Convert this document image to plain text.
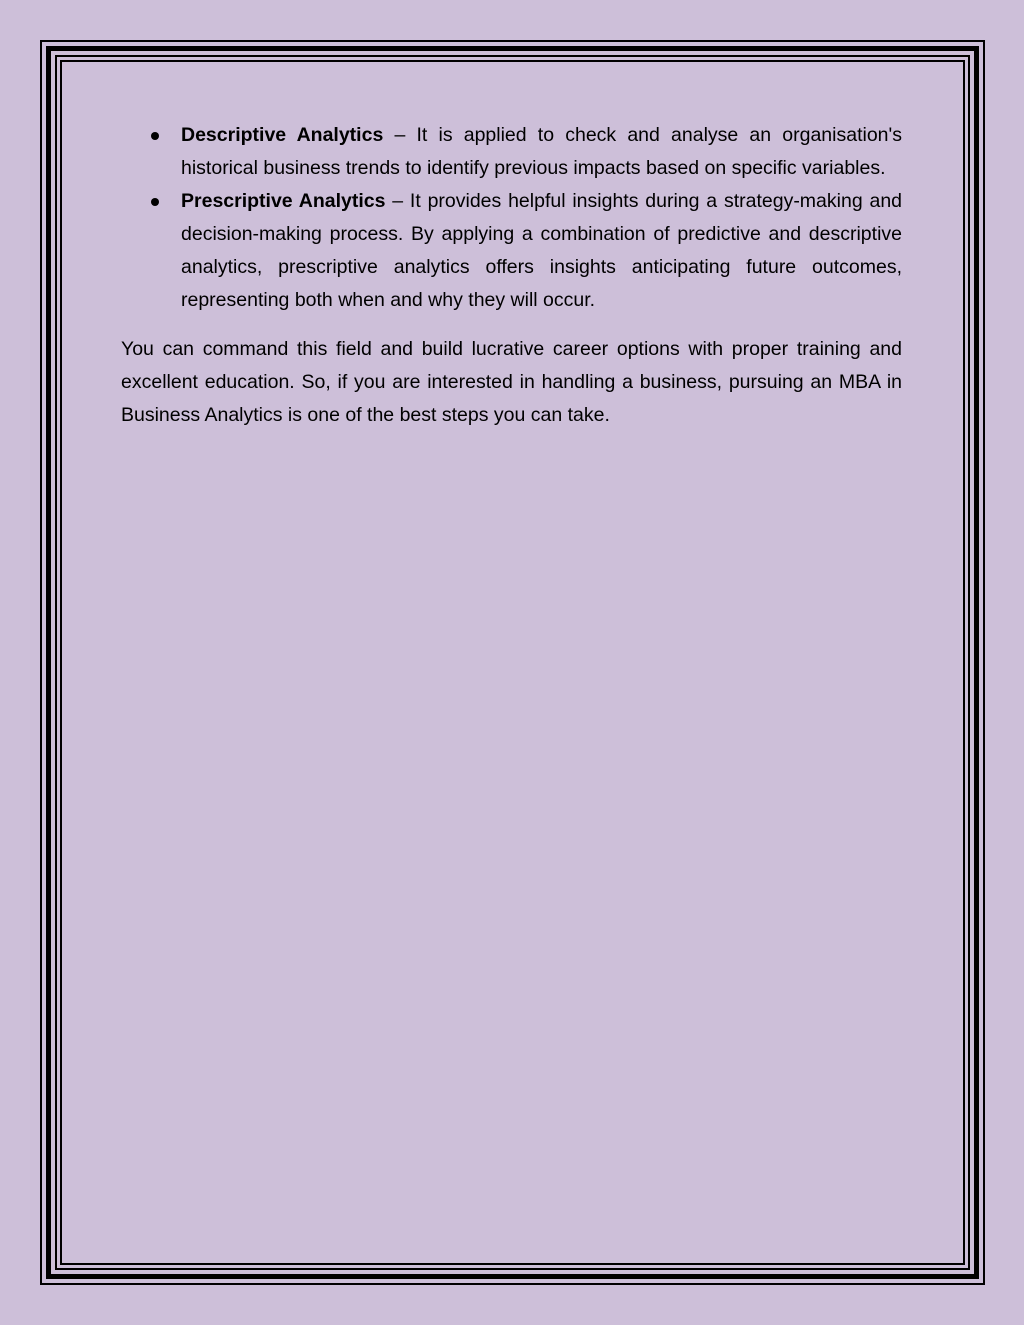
Descriptive Analytics – It is applied to check and analyse an organisation's historical business trends to identify previous impacts based on specific variables.
Prescriptive Analytics – It provides helpful insights during a strategy-making and decision-making process. By applying a combination of predictive and descriptive analytics, prescriptive analytics offers insights anticipating future outcomes, representing both when and why they will occur.

You can command this field and build lucrative career options with proper training and excellent education. So, if you are interested in handling a business, pursuing an MBA in Business Analytics is one of the best steps you can take.
